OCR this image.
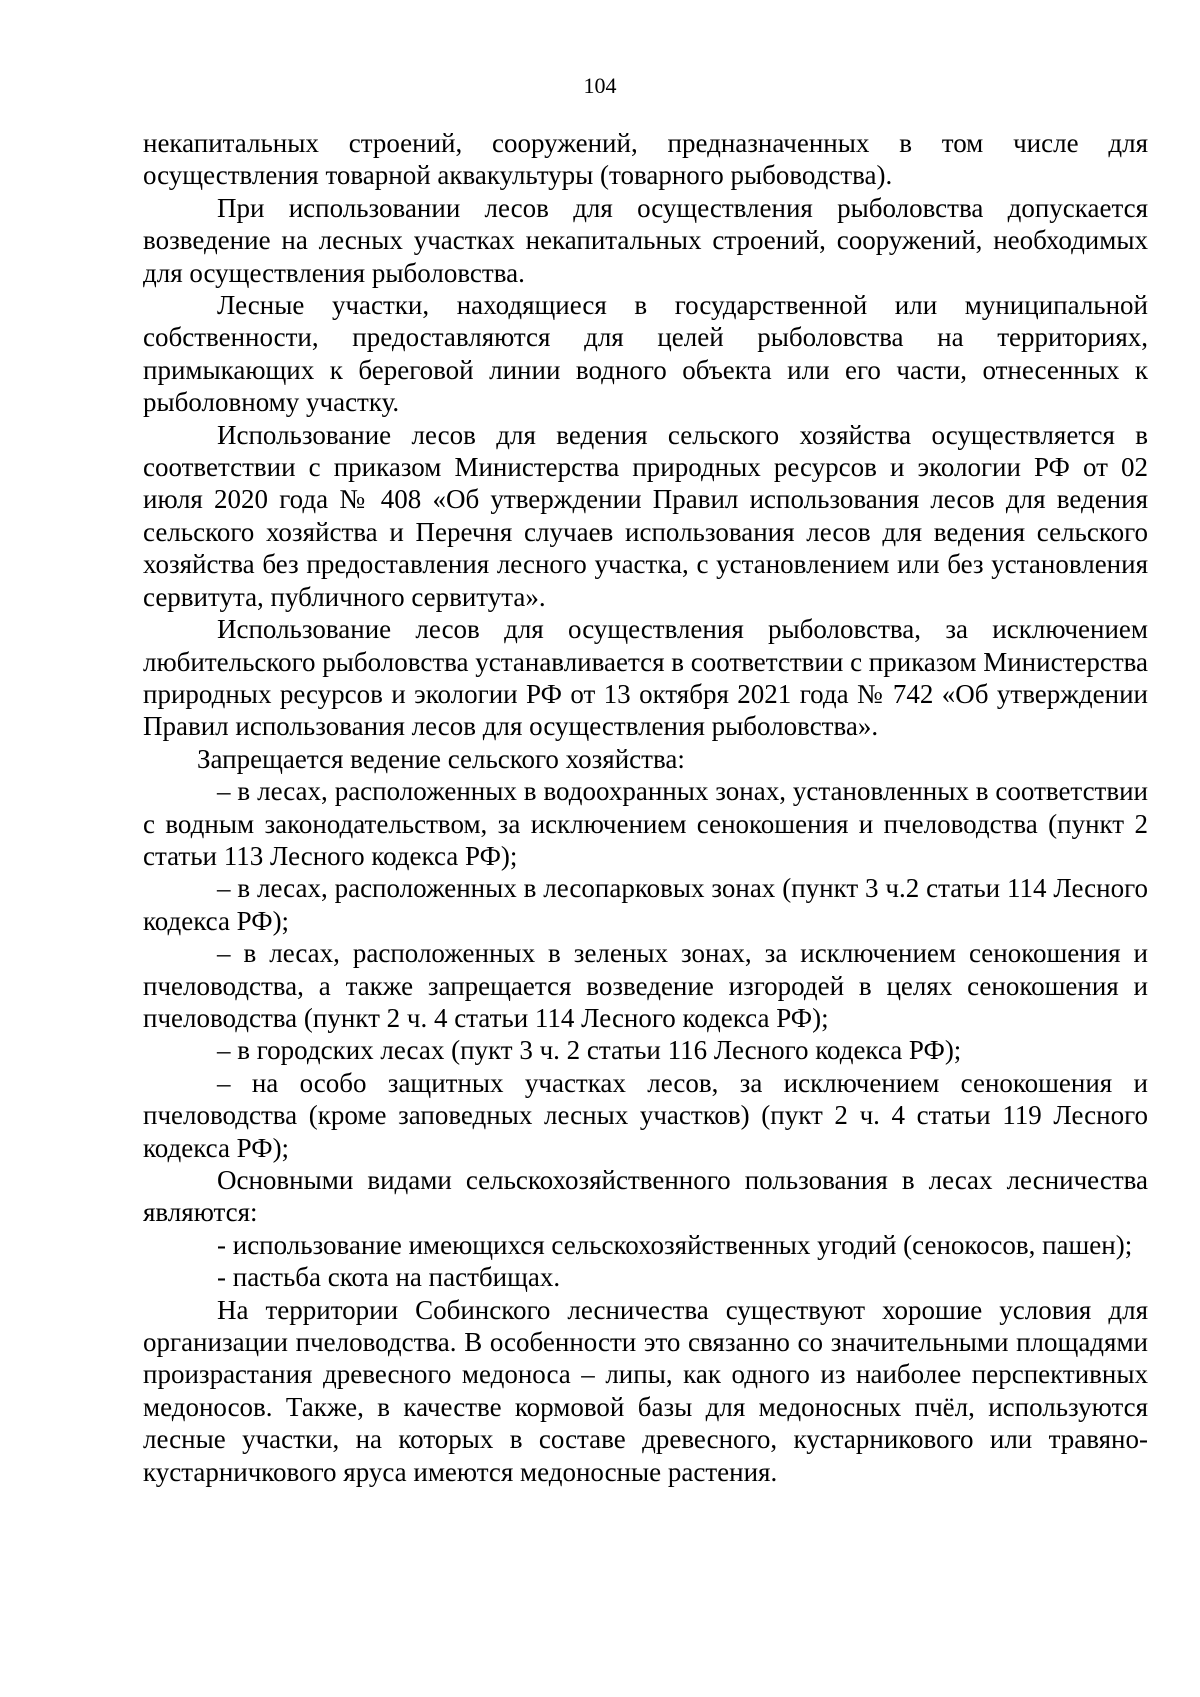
104

некапитальных строений, сооружений, предназначенных в том числе для осуществления товарной аквакультуры (товарного рыбоводства).

При использовании лесов для осуществления рыболовства допускается возведение на лесных участках некапитальных строений, сооружений, необходимых для осуществления рыболовства.

Лесные участки, находящиеся в государственной или муниципальной собственности, предоставляются для целей рыболовства на территориях, примыкающих к береговой линии водного объекта или его части, отнесенных к рыболовному участку.

Использование лесов для ведения сельского хозяйства осуществляется в соответствии с приказом Министерства природных ресурсов и экологии РФ от 02 июля 2020 года № 408 «Об утверждении Правил использования лесов для ведения сельского хозяйства и Перечня случаев использования лесов для ведения сельского хозяйства без предоставления лесного участка, с установлением или без установления сервитута, публичного сервитута».

Использование лесов для осуществления рыболовства, за исключением любительского рыболовства устанавливается в соответствии с приказом Министерства природных ресурсов и экологии РФ от 13 октября 2021 года № 742 «Об утверждении Правил использования лесов для осуществления рыболовства».

Запрещается ведение сельского хозяйства:

– в лесах, расположенных в водоохранных зонах, установленных в соответствии с водным законодательством, за исключением сенокошения и пчеловодства (пункт 2 статьи 113 Лесного кодекса РФ);

– в лесах, расположенных в лесопарковых зонах (пункт 3 ч.2 статьи 114 Лесного кодекса РФ);

– в лесах, расположенных в зеленых зонах, за исключением сенокошения и пчеловодства, а также запрещается возведение изгородей в целях сенокошения и пчеловодства (пункт 2 ч. 4 статьи 114 Лесного кодекса РФ);

– в городских лесах (пукт 3 ч. 2 статьи 116 Лесного кодекса РФ);

– на особо защитных участках лесов, за исключением сенокошения и пчеловодства (кроме заповедных лесных участков) (пукт 2 ч. 4 статьи 119 Лесного кодекса РФ);

Основными видами сельскохозяйственного пользования в лесах лесничества являются:

- использование имеющихся сельскохозяйственных угодий (сенокосов, пашен);

- пастьба скота на пастбищах.

На территории Собинского лесничества существуют хорошие условия для организации пчеловодства. В особенности это связанно со значительными площадями произрастания древесного медоноса – липы, как одного из наиболее перспективных медоносов. Также, в качестве кормовой базы для медоносных пчёл, используются лесные участки, на которых в составе древесного, кустарникового или травяно-кустарничкового яруса имеются медоносные растения.
